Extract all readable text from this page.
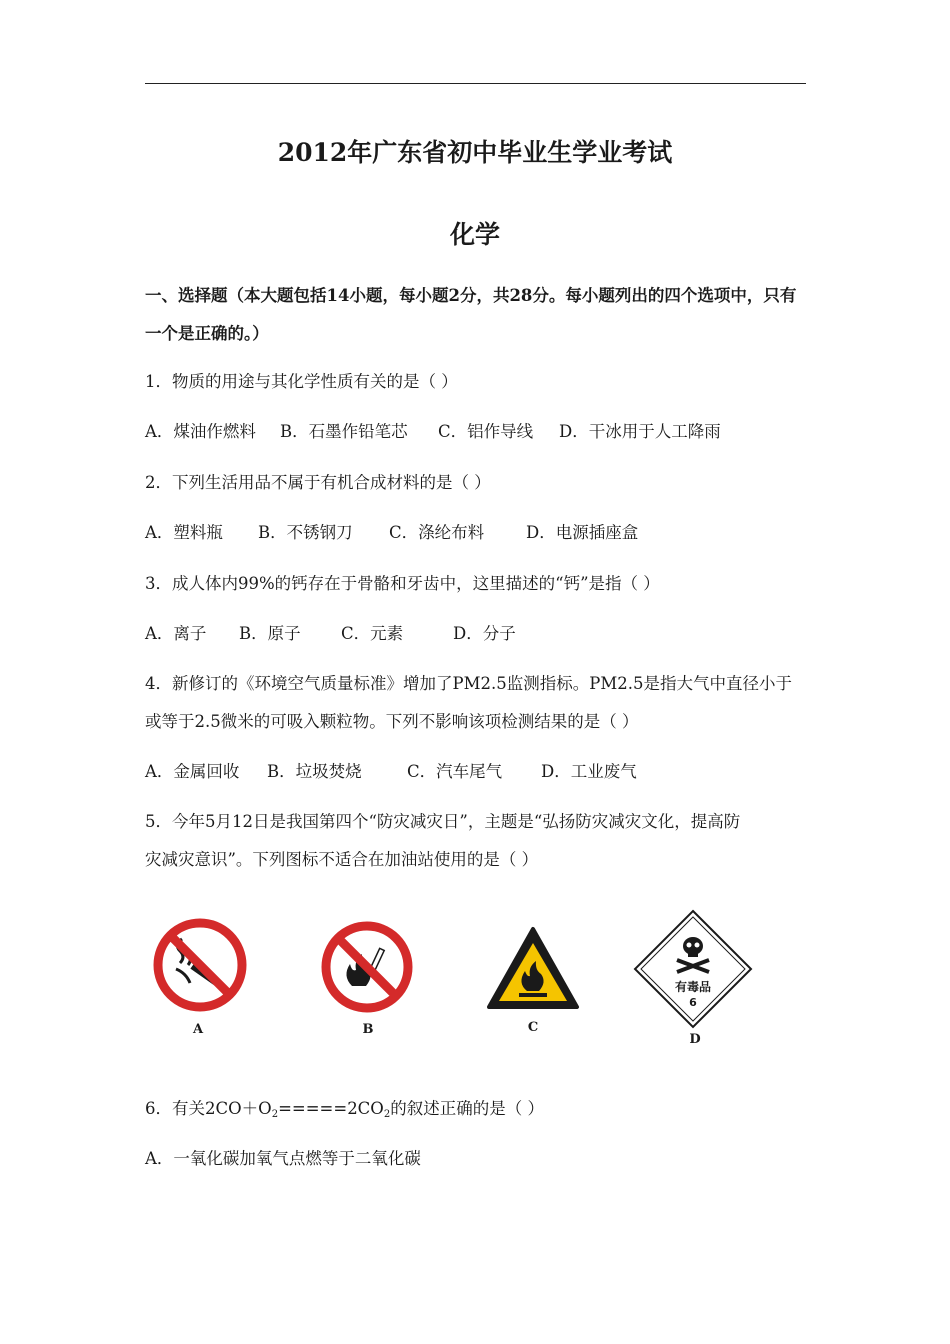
2012年广东省初中毕业生学业考试
化学
一、选择题（本大题包括14小题，每小题2分，共28分。每小题列出的四个选项中，只有
一个是正确的。）
1．物质的用途与其化学性质有关的是（ ）
A．煤油作燃料 B．石墨作铅笔芯 C．铝作导线 D．干冰用于人工降雨
2．下列生活用品不属于有机合成材料的是（ ）
A．塑料瓶 B．不锈钢刀 C．涤纶布料	D．电源插座盒
3．成人体内99%的钙存在于骨骼和牙齿中，这里描述的“钙”是指（ ）
A．离子 B．原子 C．元素	D．分子
4．新修订的《环境空气质量标准》增加了PM2.5监测指标。PM2.5是指大气中直径小于
或等于2.5微米的可吸入颗粒物。下列不影响该项检测结果的是（ ）
A．金属回收 B．垃圾焚烧	C．汽车尾气 D．工业废气
5．今年5月12日是我国第四个“防灾减灾日”，主题是“弘扬防灾减灾文化，提高防
灾减灾意识”。下列图标不适合在加油站使用的是（ ）
A	B	C
有毒品
6
D
6．有关$2CO+O_2=====2CO_2$的叙述正确的是（ ）
A．一氧化碳加氧气点燃等于二氧化碳
